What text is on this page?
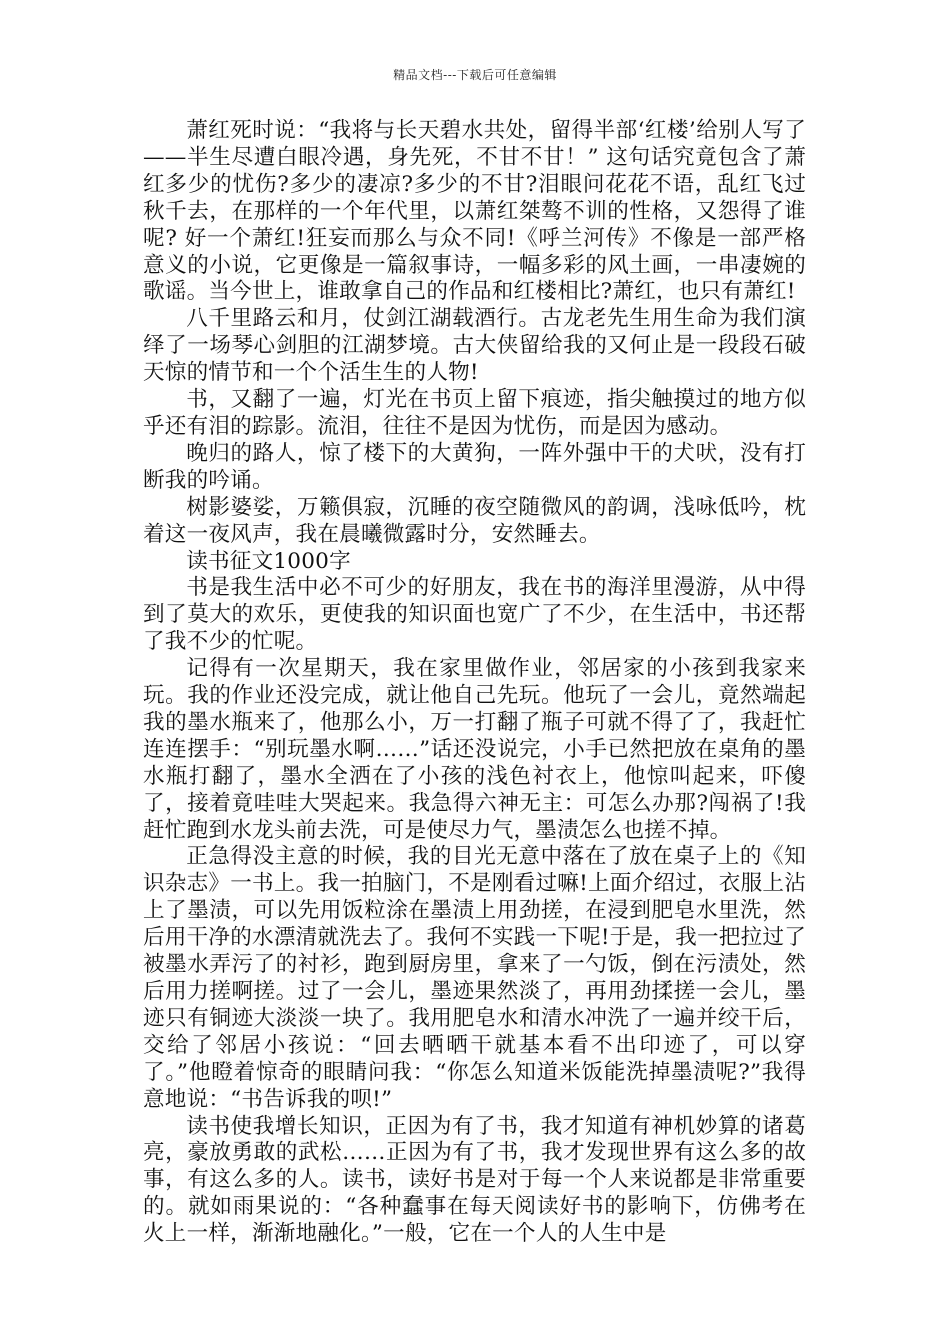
精品文档---下载后可任意编辑

萧红死时说：“我将与长天碧水共处，留得半部‘红楼’给别人写了——半生尽遭白眼冷遇，身先死，不甘不甘！” 这句话究竟包含了萧红多少的忧伤?多少的凄凉?多少的不甘?泪眼问花花不语，乱红飞过秋千去，在那样的一个年代里，以萧红桀骜不训的性格，又怨得了谁呢? 好一个萧红!狂妄而那么与众不同!《呼兰河传》不像是一部严格意义的小说，它更像是一篇叙事诗，一幅多彩的风土画，一串凄婉的歌谣。当今世上，谁敢拿自己的作品和红楼相比?萧红，也只有萧红!

八千里路云和月，仗剑江湖载酒行。古龙老先生用生命为我们演绎了一场琴心剑胆的江湖梦境。古大侠留给我的又何止是一段段石破天惊的情节和一个个活生生的人物!

书，又翻了一遍，灯光在书页上留下痕迹，指尖触摸过的地方似乎还有泪的踪影。流泪，往往不是因为忧伤，而是因为感动。

晚归的路人，惊了楼下的大黄狗，一阵外强中干的犬吠，没有打断我的吟诵。

树影婆娑，万籁俱寂，沉睡的夜空随微风的韵调，浅咏低吟，枕着这一夜风声，我在晨曦微露时分，安然睡去。

读书征文1000字

书是我生活中必不可少的好朋友，我在书的海洋里漫游，从中得到了莫大的欢乐，更使我的知识面也宽广了不少，在生活中，书还帮了我不少的忙呢。

记得有一次星期天，我在家里做作业，邻居家的小孩到我家来玩。我的作业还没完成，就让他自己先玩。他玩了一会儿，竟然端起我的墨水瓶来了，他那么小，万一打翻了瓶子可就不得了了，我赶忙连连摆手：“别玩墨水啊……”话还没说完，小手已然把放在桌角的墨水瓶打翻了，墨水全洒在了小孩的浅色衬衣上，他惊叫起来，吓傻了，接着竟哇哇大哭起来。我急得六神无主：可怎么办那?闯祸了!我赶忙跑到水龙头前去洗，可是使尽力气，墨渍怎么也搓不掉。

正急得没主意的时候，我的目光无意中落在了放在桌子上的《知识杂志》一书上。我一拍脑门，不是刚看过嘛!上面介绍过，衣服上沾上了墨渍，可以先用饭粒涂在墨渍上用劲搓，在浸到肥皂水里洗，然后用干净的水漂清就洗去了。我何不实践一下呢!于是，我一把拉过了被墨水弄污了的衬衫，跑到厨房里，拿来了一勺饭，倒在污渍处，然后用力搓啊搓。过了一会儿，墨迹果然淡了，再用劲揉搓一会儿，墨迹只有铜迹大淡淡一块了。我用肥皂水和清水冲洗了一遍并绞干后，交给了邻居小孩说：“回去晒晒干就基本看不出印迹了，可以穿了。”他瞪着惊奇的眼睛问我：“你怎么知道米饭能洗掉墨渍呢?”我得意地说：“书告诉我的呗!”

读书使我增长知识，正因为有了书，我才知道有神机妙算的诸葛亮，豪放勇敢的武松……正因为有了书，我才发现世界有这么多的故事，有这么多的人。读书，读好书是对于每一个人来说都是非常重要的。就如雨果说的：“各种蠢事在每天阅读好书的影响下，仿佛考在火上一样，渐渐地融化。”一般，它在一个人的人生中是
